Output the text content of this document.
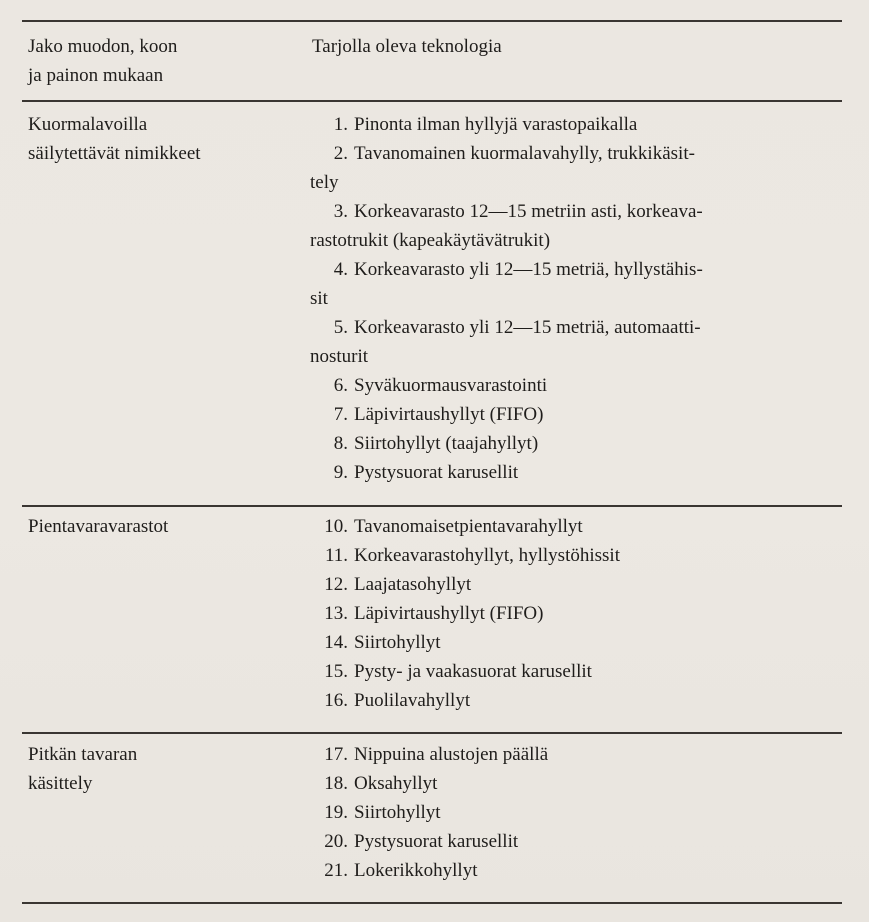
Jako muodon, koon
ja painon mukaan
Tarjolla oleva teknologia
Kuormalavoilla
säilytettävät nimikkeet
1. Pinonta ilman hyllyjä varastopaikalla
2. Tavanomainen kuormalavahylly, trukkikäsit-
tely
3. Korkeavarasto 12—15 metriin asti, korkeava-
rastotrukit (kapeakäytävätrukit)
4. Korkeavarasto yli 12—15 metriä, hyllystähis-
sit
5. Korkeavarasto yli 12—15 metriä, automaatti-
nosturit
6. Syväkuormausvarastointi
7. Läpivirtaushyllyt (FIFO)
8. Siirtohyllyt (taajahyllyt)
9. Pystysuorat karusellit
Pientavaravarastot	10. Tavanomaisetpientavarahyllyt
11. Korkeavarastohyllyt, hyllystöhissit
12. Laajatasohyllyt
13. Läpivirtaushyllyt (FIFO)
14. Siirtohyllyt
15. Pysty- ja vaakasuorat karusellit
16. Puolilavahyllyt
Pitkän tavaran
käsittely
17. Nippuina alustojen päällä
18. Oksahyllyt
19. Siirtohyllyt
20. Pystysuorat karusellit
21. Lokerikkohyllyt
